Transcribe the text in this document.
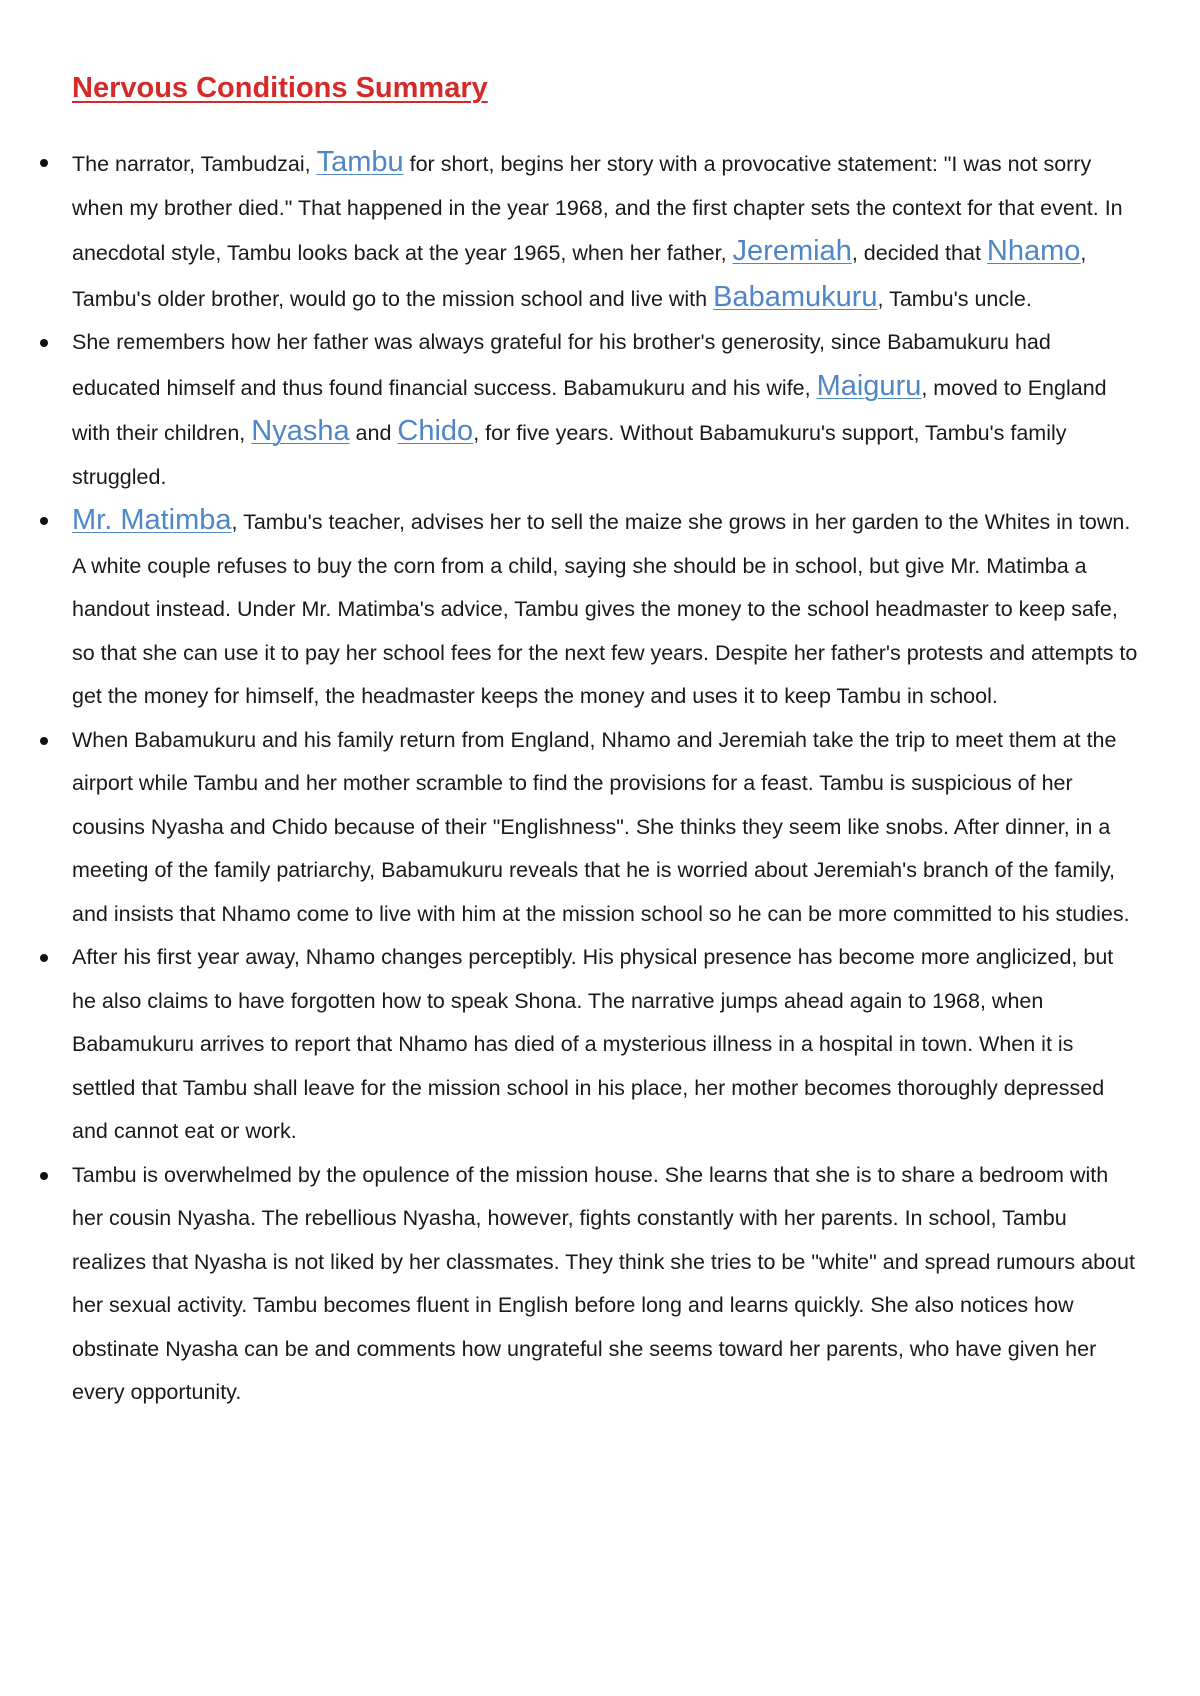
Nervous Conditions Summary
The narrator, Tambudzai, Tambu for short, begins her story with a provocative statement: "I was not sorry when my brother died." That happened in the year 1968, and the first chapter sets the context for that event. In anecdotal style, Tambu looks back at the year 1965, when her father, Jeremiah, decided that Nhamo, Tambu's older brother, would go to the mission school and live with Babamukuru, Tambu's uncle.
She remembers how her father was always grateful for his brother's generosity, since Babamukuru had educated himself and thus found financial success. Babamukuru and his wife, Maiguru, moved to England with their children, Nyasha and Chido, for five years. Without Babamukuru's support, Tambu's family struggled.
Mr. Matimba, Tambu's teacher, advises her to sell the maize she grows in her garden to the Whites in town. A white couple refuses to buy the corn from a child, saying she should be in school, but give Mr. Matimba a handout instead. Under Mr. Matimba's advice, Tambu gives the money to the school headmaster to keep safe, so that she can use it to pay her school fees for the next few years. Despite her father's protests and attempts to get the money for himself, the headmaster keeps the money and uses it to keep Tambu in school.
When Babamukuru and his family return from England, Nhamo and Jeremiah take the trip to meet them at the airport while Tambu and her mother scramble to find the provisions for a feast. Tambu is suspicious of her cousins Nyasha and Chido because of their "Englishness". She thinks they seem like snobs. After dinner, in a meeting of the family patriarchy, Babamukuru reveals that he is worried about Jeremiah's branch of the family, and insists that Nhamo come to live with him at the mission school so he can be more committed to his studies.
After his first year away, Nhamo changes perceptibly. His physical presence has become more anglicized, but he also claims to have forgotten how to speak Shona. The narrative jumps ahead again to 1968, when Babamukuru arrives to report that Nhamo has died of a mysterious illness in a hospital in town. When it is settled that Tambu shall leave for the mission school in his place, her mother becomes thoroughly depressed and cannot eat or work.
Tambu is overwhelmed by the opulence of the mission house. She learns that she is to share a bedroom with her cousin Nyasha. The rebellious Nyasha, however, fights constantly with her parents. In school, Tambu realizes that Nyasha is not liked by her classmates. They think she tries to be "white" and spread rumours about her sexual activity. Tambu becomes fluent in English before long and learns quickly. She also notices how obstinate Nyasha can be and comments how ungrateful she seems toward her parents, who have given her every opportunity.
